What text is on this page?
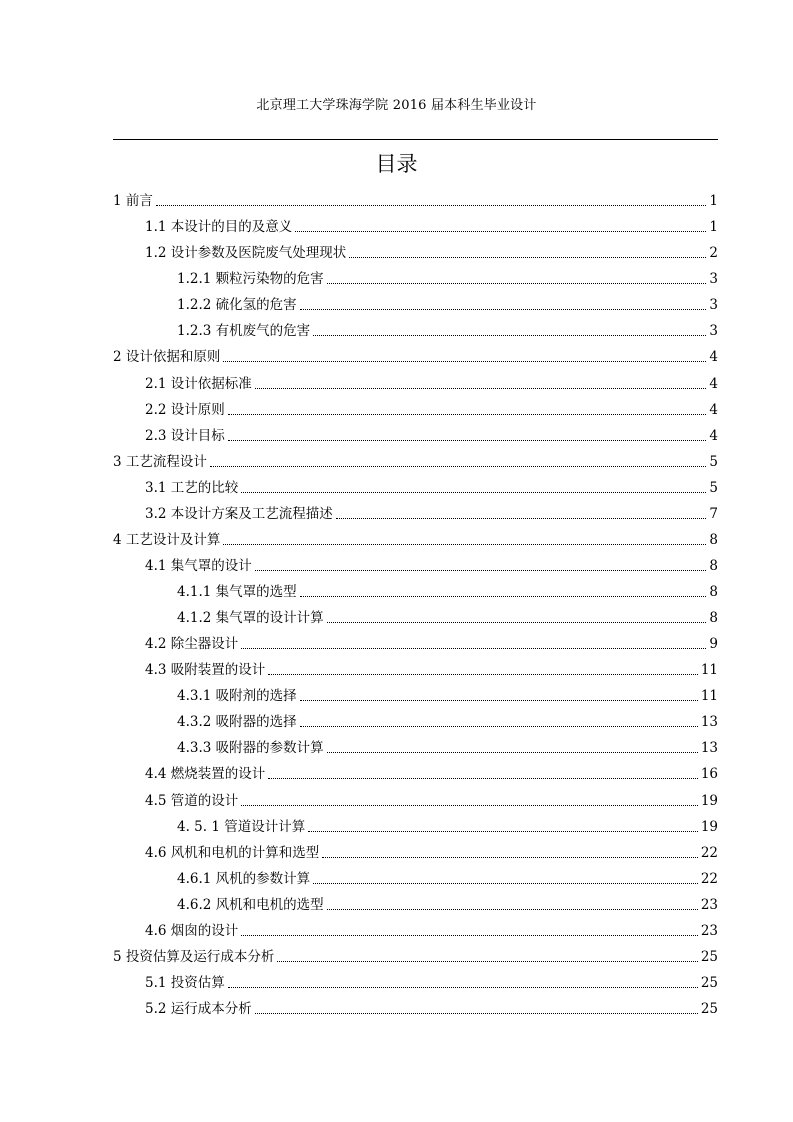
北京理工大学珠海学院 2016 届本科生毕业设计
目录
1 前言	1
1.1 本设计的目的及意义	1
1.2 设计参数及医院废气处理现状	2
1.2.1 颗粒污染物的危害	3
1.2.2 硫化氢的危害	3
1.2.3 有机废气的危害	3
2 设计依据和原则	4
2.1 设计依据标准	4
2.2 设计原则	4
2.3 设计目标	4
3 工艺流程设计	5
3.1 工艺的比较	5
3.2 本设计方案及工艺流程描述	7
4 工艺设计及计算	8
4.1 集气罩的设计	8
4.1.1 集气罩的选型	8
4.1.2 集气罩的设计计算	8
4.2 除尘器设计	9
4.3 吸附装置的设计	11
4.3.1 吸附剂的选择	11
4.3.2 吸附器的选择	13
4.3.3 吸附器的参数计算	13
4.4 燃烧装置的设计	16
4.5 管道的设计	19
4. 5. 1 管道设计计算	19
4.6 风机和电机的计算和选型	22
4.6.1 风机的参数计算	22
4.6.2 风机和电机的选型	23
4.6 烟囱的设计	23
5 投资估算及运行成本分析	25
5.1 投资估算	25
5.2 运行成本分析	25
